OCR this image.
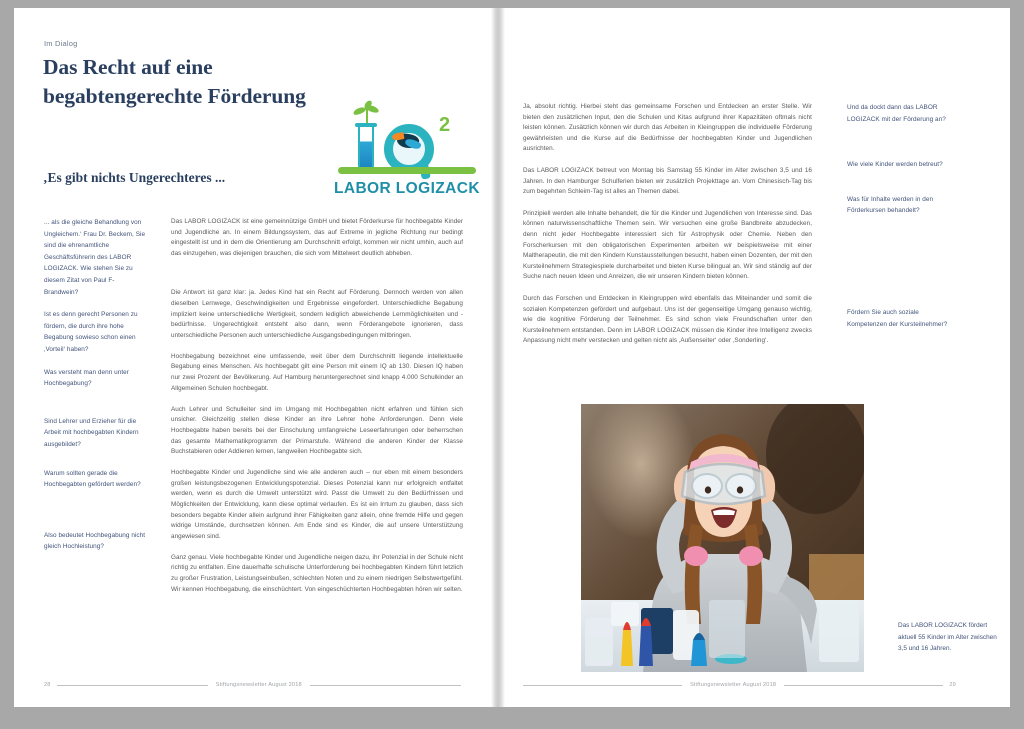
Im Dialog
Das Recht auf eine
begabtengerechte Förderung
‚Es gibt nichts Ungerechteres ...
2
LABOR LOGIZACK
... als die gleiche Behandlung von Ungleichem.‘ Frau Dr. Beckem, Sie sind die ehrenamtliche Geschäftsführerin des LABOR LOGIZACK. Wie stehen Sie zu diesem Zitat von Paul F-Brandwein?
Ist es denn gerecht Personen zu fördern, die durch ihre hohe Begabung sowieso schon einen ‚Vorteil‘ haben?
Was versteht man denn unter Hochbegabung?
Sind Lehrer und Erzieher für die Arbeit mit hochbegabten Kindern ausgebildet?
Warum sollten gerade die Hochbegabten gefördert werden?
Also bedeutet Hochbegabung nicht gleich Hochleistung?

Das LABOR LOGIZACK ist eine gemeinnützige GmbH und bietet Förderkurse für hochbegabte Kinder und Jugendliche an. In einem Bildungssystem, das auf Extreme in jegliche Richtung nur bedingt eingestellt ist und in dem die Orientierung am Durchschnitt erfolgt, kommen wir nicht umhin, auch auf das einzugehen, was diejenigen brauchen, die sich vom Mittelwert deutlich abheben.

Die Antwort ist ganz klar: ja. Jedes Kind hat ein Recht auf Förderung. Dennoch werden von allen dieselben Lernwege, Geschwindigkeiten und Ergebnisse eingefordert. Unterschiedliche Begabung impliziert keine unterschiedliche Wertigkeit, sondern lediglich abweichende Lernmöglichkeiten und -bedürfnisse. Ungerechtigkeit entsteht also dann, wenn Förderangebote ignorieren, dass unterschiedliche Personen auch unterschiedliche Ausgangsbedingungen mitbringen.

Hochbegabung bezeichnet eine umfassende, weit über dem Durchschnitt liegende intellektuelle Begabung eines Menschen. Als hochbegabt gilt eine Person mit einem IQ ab 130. Diesen IQ haben nur zwei Prozent der Bevölkerung. Auf Hamburg heruntergerechnet sind knapp 4.000 Schulkinder an Allgemeinen Schulen hochbegabt.

Auch Lehrer und Schulleiter sind im Umgang mit Hochbegabten nicht erfahren und fühlen sich unsicher. Gleichzeitig stellen diese Kinder an ihre Lehrer hohe Anforderungen. Denn viele Hochbegabte haben bereits bei der Einschulung umfangreiche Leseerfahrungen oder beherrschen das gesamte Mathematikprogramm der Primarstufe. Während die anderen Kinder der Klasse Buchstabieren oder Addieren lernen, langweilen Hochbegabte sich.

Hochbegabte Kinder und Jugendliche sind wie alle anderen auch – nur eben mit einem besonders großen leistungsbezogenen Entwicklungspotenzial. Dieses Potenzial kann nur erfolgreich entfaltet werden, wenn es durch die Umwelt unterstützt wird. Passt die Umwelt zu den Bedürfnissen und Möglichkeiten der Entwicklung, kann diese optimal verlaufen. Es ist ein Irrtum zu glauben, dass sich besonders begabte Kinder allein aufgrund ihrer Fähigkeiten ganz allein, ohne fremde Hilfe und gegen widrige Umstände, durchsetzen können. Am Ende sind es Kinder, die auf unsere Unterstützung angewiesen sind.

Ganz genau. Viele hochbegabte Kinder und Jugendliche neigen dazu, ihr Potenzial in der Schule nicht richtig zu entfalten. Eine dauerhafte schulische Unterforderung bei hochbegabten Kindern führt letzlich zu großer Frustration, Leistungseinbußen, schlechten Noten und zu einem niedrigen Selbstwertgefühl. Wir kennen Hochbegabung, die einschüchtert. Von eingeschüchterten Hochbegabten hören wir selten.

28	Stiftungsnewsletter August 2018

Ja, absolut richtig. Hierbei steht das gemeinsame Forschen und Entdecken an erster Stelle. Wir bieten den zusätzlichen Input, den die Schulen und Kitas aufgrund ihrer Kapazitäten oftmals nicht leisten können. Zusätzlich können wir durch das Arbeiten in Kleingruppen die individuelle Förderung gewährleisten und die Kurse auf die Bedürfnisse der hochbegabten Kinder und Jugendlichen ausrichten.

Das LABOR LOGIZACK betreut von Montag bis Samstag 55 Kinder im Alter zwischen 3,5 und 16 Jahren. In den Hamburger Schulferien bieten wir zusätzlich Projekttage an. Vom Chinesisch-Tag bis zum begehrten Schleim-Tag ist alles an Themen dabei.

Prinzipiell werden alle Inhalte behandelt, die für die Kinder und Jugendlichen von Interesse sind. Das können naturwissenschaftliche Themen sein. Wir versuchen eine große Bandbreite abzudecken, denn nicht jeder Hochbegabte interessiert sich für Astrophysik oder Chemie. Neben den Forscherkursen mit den obligatorischen Experimenten arbeiten wir beispielsweise mit einer Maltherapeutin, die mit den Kindern Kunstausstellungen besucht, haben einen Dozenten, der mit den Kursteilnehmern Strategiespiele durcharbeitet und bieten Kurse bilingual an. Wir sind ständig auf der Suche nach neuen Ideen und Anreizen, die wir unseren Kindern bieten können.

Durch das Forschen und Entdecken in Kleingruppen wird ebenfalls das Miteinander und somit die sozialen Kompetenzen gefördert und aufgebaut. Uns ist der gegenseitige Umgang genauso wichtig, wie die kognitive Förderung der Teilnehmer. Es sind schon viele Freundschaften unter den Kursteilnehmern entstanden. Denn im LABOR LOGIZACK müssen die Kinder ihre Intelligenz zwecks Anpassung nicht mehr verstecken und gelten nicht als ‚Außenseiter‘ oder ‚Sonderling‘.

Und da dockt dann das LABOR LOGIZACK mit der Förderung an?
Wie viele Kinder werden betreut?
Was für Inhalte werden in den Förderkursen behandelt?
Fördern Sie auch soziale Kompetenzen der Kursteilnehmer?
Das LABOR LOGIZACK fördert aktuell 55 Kinder im Alter zwischen 3,5 und 16 Jahren.
Stiftungsnewsletter August 2018	29
